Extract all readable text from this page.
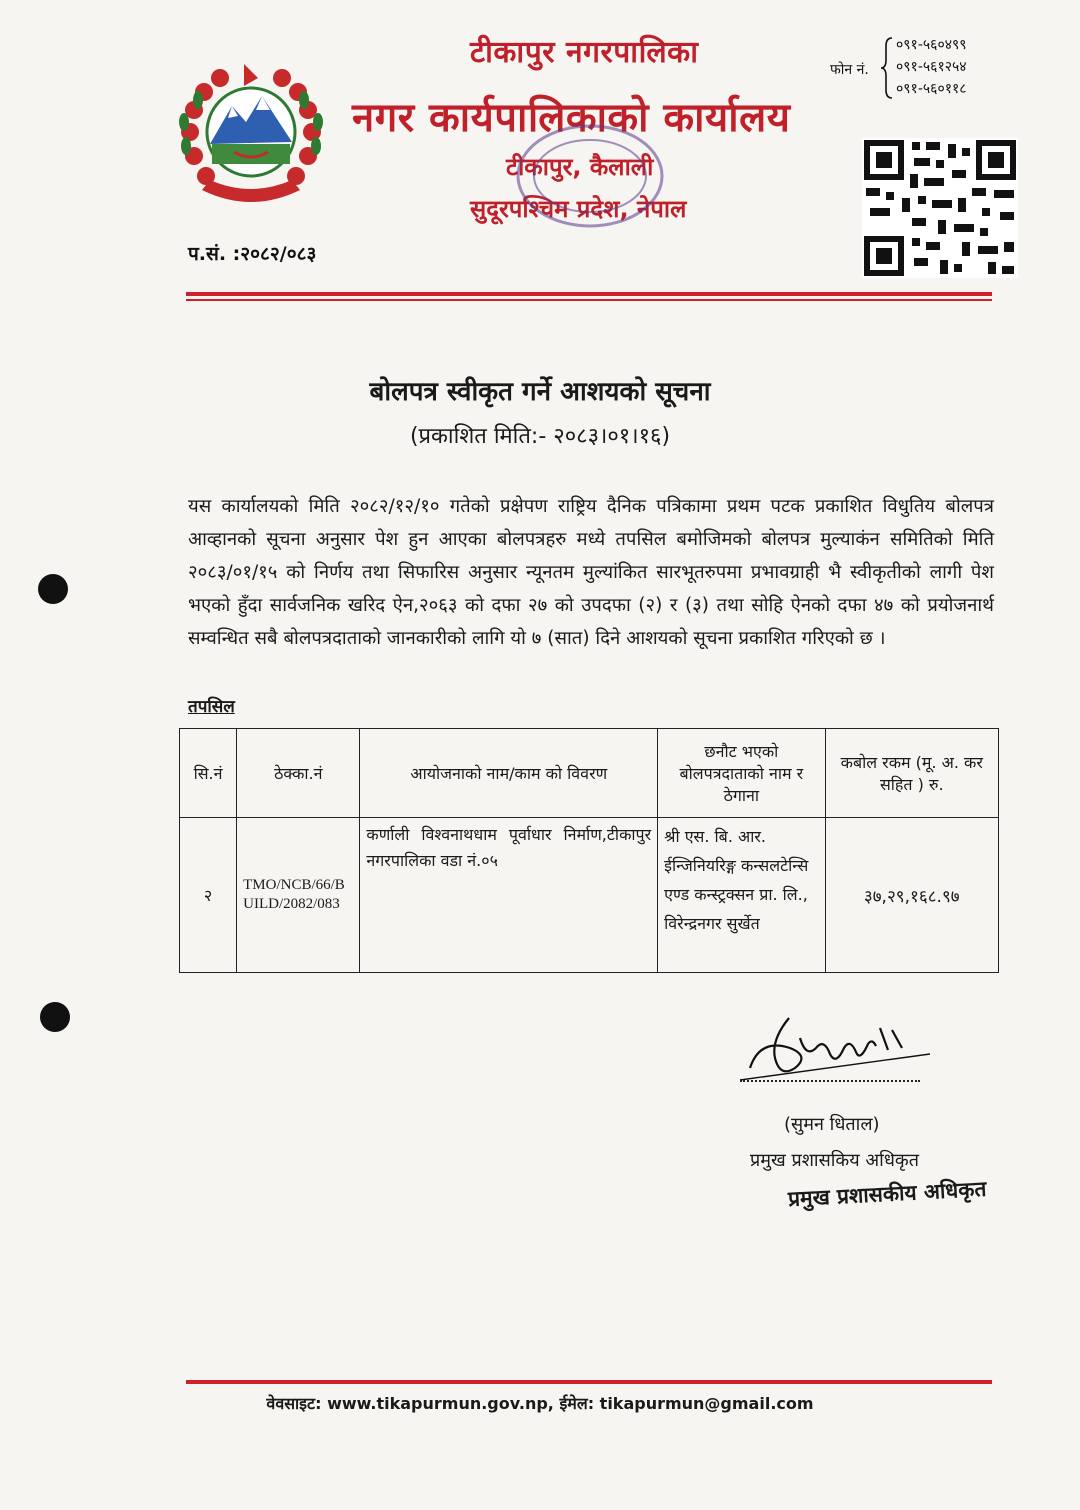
टीकापुर नगरपालिका
नगर कार्यपालिकाको कार्यालय
टीकापुर, कैलाली
सुदूरपश्चिम प्रदेश, नेपाल
फोन नं.
०९१-५६०४९९
०९१-५६१२५४
०९१-५६०११८
प.सं. :२०८२/०८३
बोलपत्र स्वीकृत गर्ने आशयको सूचना
(प्रकाशित मिति:- २०८३।०१।१६)
यस कार्यालयको मिति २०८२/१२/१० गतेको प्रक्षेपण राष्ट्रिय दैनिक पत्रिकामा प्रथम पटक प्रकाशित विधुतिय बोलपत्र आव्हानको सूचना अनुसार पेश हुन आएका बोलपत्रहरु मध्ये तपसिल बमोजिमको बोलपत्र मुल्याकंन समितिको मिति २०८३/०१/१५ को निर्णय तथा सिफारिस अनुसार न्यूनतम मुल्यांकित सारभूतरुपमा प्रभावग्राही भै स्वीकृतीको लागी पेश भएको हुँदा सार्वजनिक खरिद ऐन,२०६३ को दफा २७ को उपदफा (२) र (३) तथा सोहि ऐनको दफा ४७ को प्रयोजनार्थ सम्वन्धित सबै बोलपत्रदाताको जानकारीको लागि यो ७ (सात) दिने आशयको सूचना प्रकाशित गरिएको छ ।
तपसिल
सि.नं	ठेक्का.नं	आयोजनाको नाम/काम को विवरण	छनौट भएको बोलपत्रदाताको नाम र ठेगाना	कबोल रकम (मू. अ. कर सहित ) रु.
२	TMO/NCB/66/BUILD/2082/083	कर्णाली विश्वनाथधाम पूर्वाधार निर्माण,टीकापुर नगरपालिका वडा नं.०५	श्री एस. बि. आर. ईन्जिनियरिङ्ग कन्सलटेन्सि एण्ड कन्स्ट्रक्सन प्रा. लि., विरेन्द्रनगर सुर्खेत	३७,२९,१६८.९७
(सुमन धिताल)
प्रमुख प्रशासकिय अधिकृत
प्रमुख प्रशासकीय अधिकृत
वेवसाइट: www.tikapurmun.gov.np, ईमेल: tikapurmun@gmail.com
